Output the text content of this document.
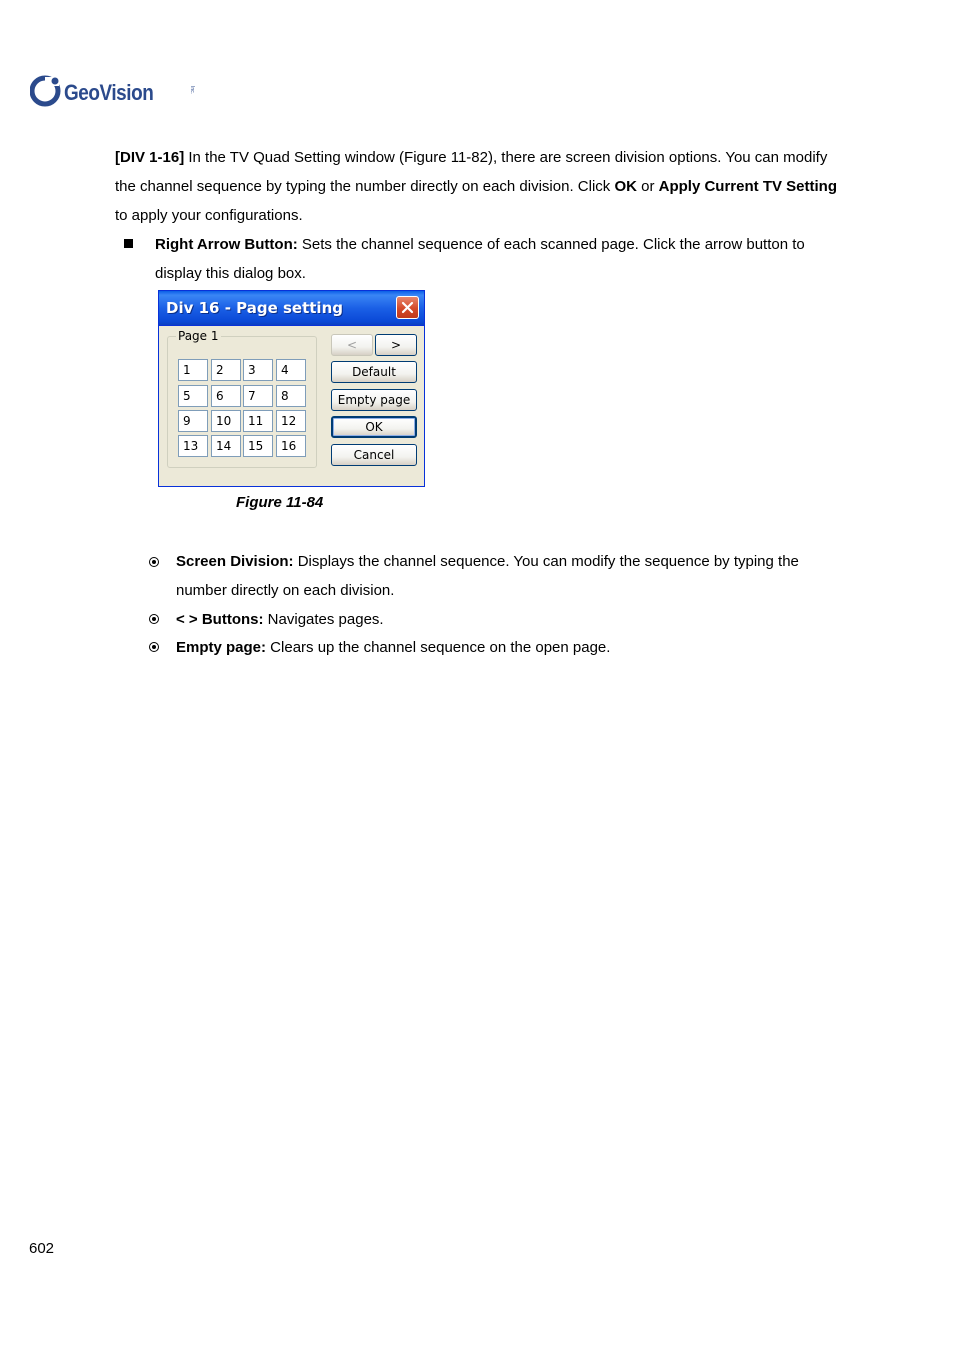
GeoVision	Inc.
[DIV 1-16] In the TV Quad Setting window (Figure 11-82), there are screen division options. You can modify the channel sequence by typing the number directly on each division. Click OK or Apply Current TV Setting to apply your configurations.
Right Arrow Button: Sets the channel sequence of each scanned page. Click the arrow button to display this dialog box.
Div 16 - Page setting
Page 1
1	2	3	4
5	6	7	8
9	10	11	12
13	14	15	16
<	>
Default
Empty page
OK
Cancel
Figure 11-84
Screen Division: Displays the channel sequence. You can modify the sequence by typing the number directly on each division.
< > Buttons: Navigates pages.
Empty page: Clears up the channel sequence on the open page.
602
